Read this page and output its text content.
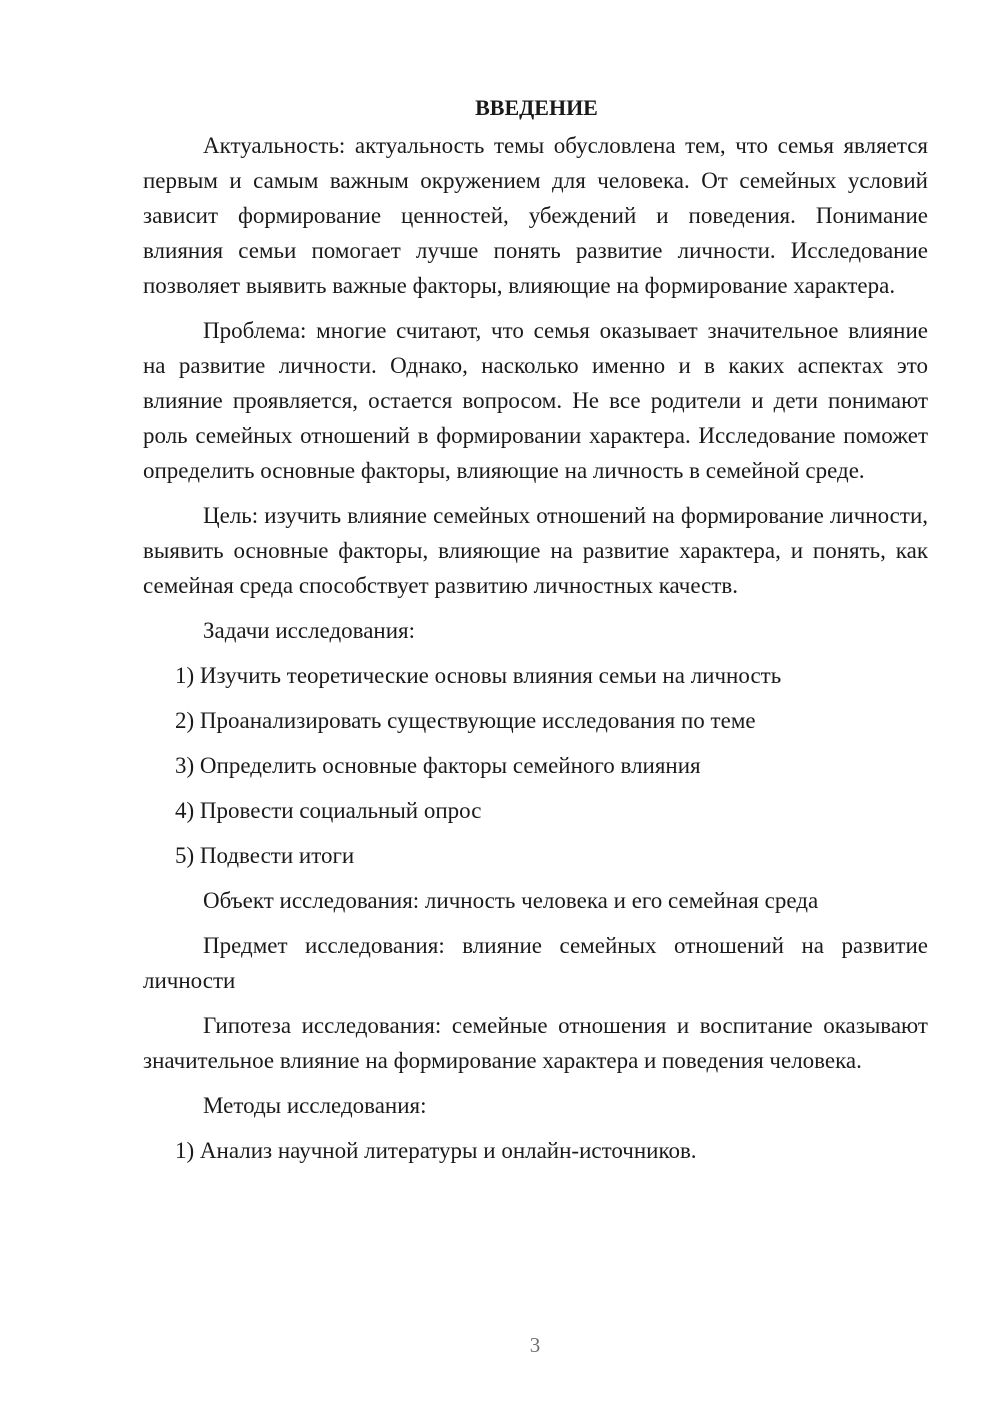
ВВЕДЕНИЕ

Актуальность: актуальность темы обусловлена тем, что семья является первым и самым важным окружением для человека. От семейных условий зависит формирование ценностей, убеждений и поведения. Понимание влияния семьи помогает лучше понять развитие личности. Исследование позволяет выявить важные факторы, влияющие на формирование характера.

Проблема: многие считают, что семья оказывает значительное влияние на развитие личности. Однако, насколько именно и в каких аспектах это влияние проявляется, остается вопросом. Не все родители и дети понимают роль семейных отношений в формировании характера. Исследование поможет определить основные факторы, влияющие на личность в семейной среде.

Цель: изучить влияние семейных отношений на формирование личности, выявить основные факторы, влияющие на развитие характера, и понять, как семейная среда способствует развитию личностных качеств.

Задачи исследования:

1) Изучить теоретические основы влияния семьи на личность

2) Проанализировать существующие исследования по теме

3) Определить основные факторы семейного влияния

4) Провести социальный опрос

5) Подвести итоги

Объект исследования: личность человека и его семейная среда

Предмет исследования: влияние семейных отношений на развитие личности

Гипотеза исследования: семейные отношения и воспитание оказывают значительное влияние на формирование характера и поведения человека.

Методы исследования:

1) Анализ научной литературы и онлайн-источников.

3
